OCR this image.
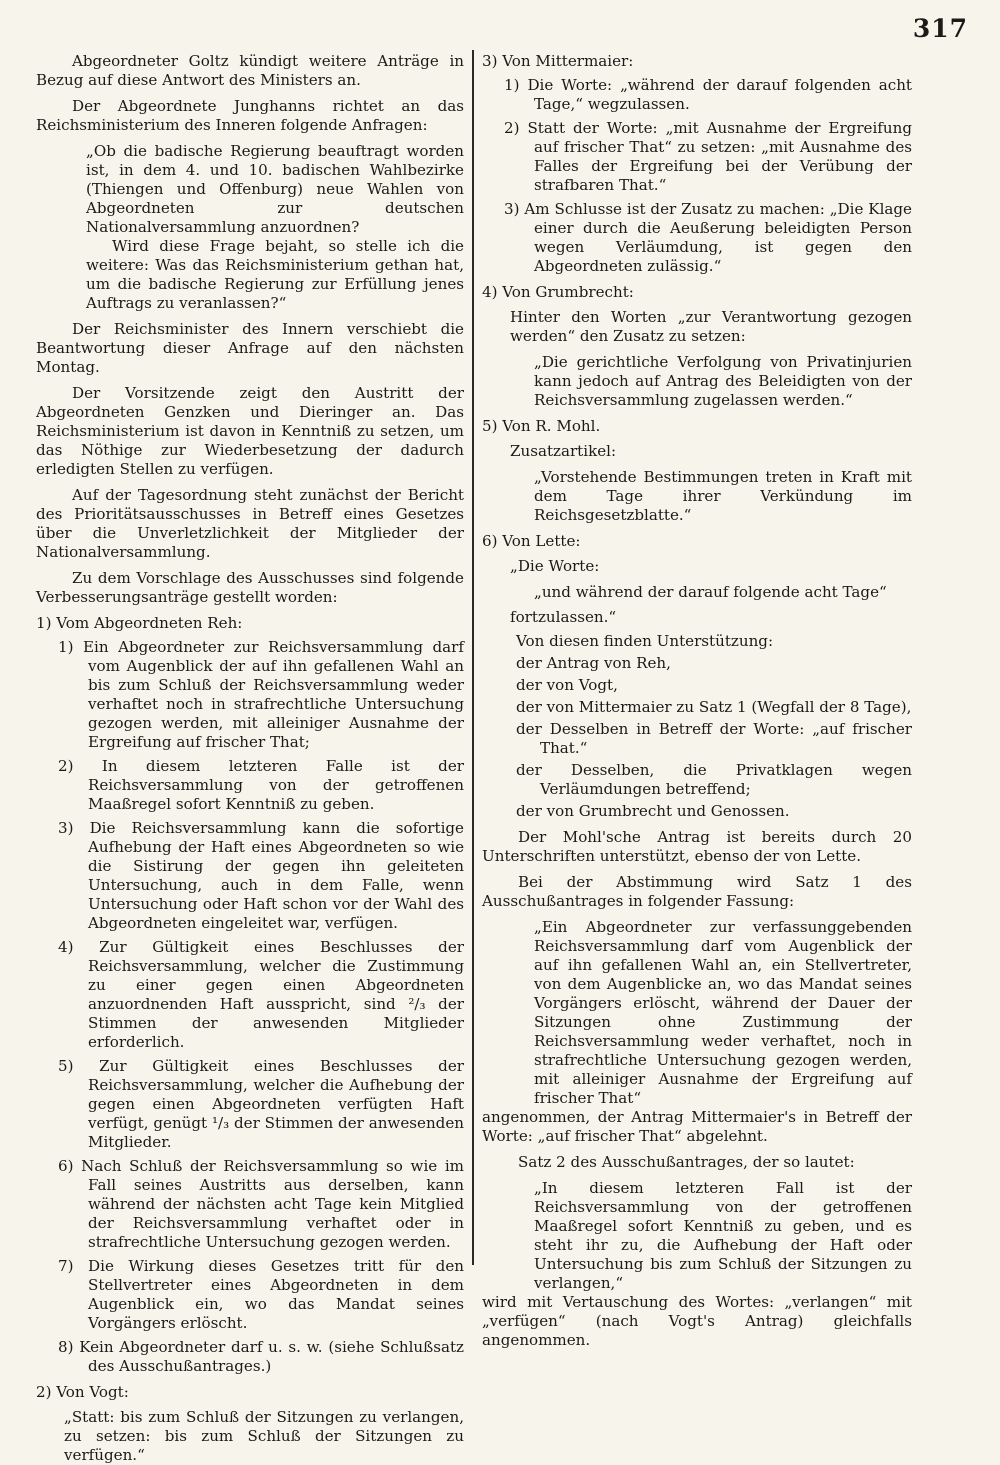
317

Abgeordneter Goltz kündigt weitere Anträge in Bezug auf diese Antwort des Ministers an.

Der Abgeordnete Junghanns richtet an das Reichsministerium des Inneren folgende Anfragen:

„Ob die badische Regierung beauftragt worden ist, in dem 4. und 10. badischen Wahlbezirke (Thiengen und Offenburg) neue Wahlen von Abgeordneten zur deutschen Nationalversammlung anzuordnen?

Wird diese Frage bejaht, so stelle ich die weitere: Was das Reichsministerium gethan hat, um die badische Regierung zur Erfüllung jenes Auftrags zu veranlassen?“

Der Reichsminister des Innern verschiebt die Beantwortung dieser Anfrage auf den nächsten Montag.

Der Vorsitzende zeigt den Austritt der Abgeordneten Genzken und Dieringer an. Das Reichsministerium ist davon in Kenntniß zu setzen, um das Nöthige zur Wiederbesetzung der dadurch erledigten Stellen zu verfügen.

Auf der Tagesordnung steht zunächst der Bericht des Prioritätsausschusses in Betreff eines Gesetzes über die Unverletzlichkeit der Mitglieder der Nationalversammlung.

Zu dem Vorschlage des Ausschusses sind folgende Verbesserungsanträge gestellt worden:

1) Vom Abgeordneten Reh:

1) Ein Abgeordneter zur Reichsversammlung darf vom Augenblick der auf ihn gefallenen Wahl an bis zum Schluß der Reichsversammlung weder verhaftet noch in strafrechtliche Untersuchung gezogen werden, mit alleiniger Ausnahme der Ergreifung auf frischer That;

2) In diesem letzteren Falle ist der Reichsversammlung von der getroffenen Maaßregel sofort Kenntniß zu geben.

3) Die Reichsversammlung kann die sofortige Aufhebung der Haft eines Abgeordneten so wie die Sistirung der gegen ihn geleiteten Untersuchung, auch in dem Falle, wenn Untersuchung oder Haft schon vor der Wahl des Abgeordneten eingeleitet war, verfügen.

4) Zur Gültigkeit eines Beschlusses der Reichsversammlung, welcher die Zustimmung zu einer gegen einen Abgeordneten anzuordnenden Haft ausspricht, sind ²/₃ der Stimmen der anwesenden Mitglieder erforderlich.

5) Zur Gültigkeit eines Beschlusses der Reichsversammlung, welcher die Aufhebung der gegen einen Abgeordneten verfügten Haft verfügt, genügt ¹/₃ der Stimmen der anwesenden Mitglieder.

6) Nach Schluß der Reichsversammlung so wie im Fall seines Austritts aus derselben, kann während der nächsten acht Tage kein Mitglied der Reichsversammlung verhaftet oder in strafrechtliche Untersuchung gezogen werden.

7) Die Wirkung dieses Gesetzes tritt für den Stellvertreter eines Abgeordneten in dem Augenblick ein, wo das Mandat seines Vorgängers erlöscht.

8) Kein Abgeordneter darf u. s. w. (siehe Schlußsatz des Ausschußantrages.)

2) Von Vogt:

„Statt: bis zum Schluß der Sitzungen zu verlangen, zu setzen: bis zum Schluß der Sitzungen zu verfügen.“

3) Von Mittermaier:

1) Die Worte: „während der darauf folgenden acht Tage,“ wegzulassen.

2) Statt der Worte: „mit Ausnahme der Ergreifung auf frischer That“ zu setzen: „mit Ausnahme des Falles der Ergreifung bei der Verübung der strafbaren That.“

3) Am Schlusse ist der Zusatz zu machen: „Die Klage einer durch die Aeußerung beleidigten Person wegen Verläumdung, ist gegen den Abgeordneten zulässig.“

4) Von Grumbrecht:

Hinter den Worten „zur Verantwortung gezogen werden“ den Zusatz zu setzen:

„Die gerichtliche Verfolgung von Privatinjurien kann jedoch auf Antrag des Beleidigten von der Reichsversammlung zugelassen werden.“

5) Von R. Mohl.

Zusatzartikel:

„Vorstehende Bestimmungen treten in Kraft mit dem Tage ihrer Verkündung im Reichsgesetzblatte.“

6) Von Lette:

„Die Worte:

„und während der darauf folgende acht Tage“

fortzulassen.“

Von diesen finden Unterstützung:

der Antrag von Reh,

der von Vogt,

der von Mittermaier zu Satz 1 (Wegfall der 8 Tage),

der Desselben in Betreff der Worte: „auf frischer That.“

der Desselben, die Privatklagen wegen Verläumdungen betreffend;

der von Grumbrecht und Genossen.

Der Mohl'sche Antrag ist bereits durch 20 Unterschriften unterstützt, ebenso der von Lette.

Bei der Abstimmung wird Satz 1 des Ausschußantrages in folgender Fassung:

„Ein Abgeordneter zur verfassunggebenden Reichsversammlung darf vom Augenblick der auf ihn gefallenen Wahl an, ein Stellvertreter, von dem Augenblicke an, wo das Mandat seines Vorgängers erlöscht, während der Dauer der Sitzungen ohne Zustimmung der Reichsversammlung weder verhaftet, noch in strafrechtliche Untersuchung gezogen werden, mit alleiniger Ausnahme der Ergreifung auf frischer That“

angenommen, der Antrag Mittermaier's in Betreff der Worte: „auf frischer That“ abgelehnt.

Satz 2 des Ausschußantrages, der so lautet:

„In diesem letzteren Fall ist der Reichsversammlung von der getroffenen Maaßregel sofort Kenntniß zu geben, und es steht ihr zu, die Aufhebung der Haft oder Untersuchung bis zum Schluß der Sitzungen zu verlangen,“

wird mit Vertauschung des Wortes: „verlangen“ mit „verfügen“ (nach Vogt's Antrag) gleichfalls angenommen.
